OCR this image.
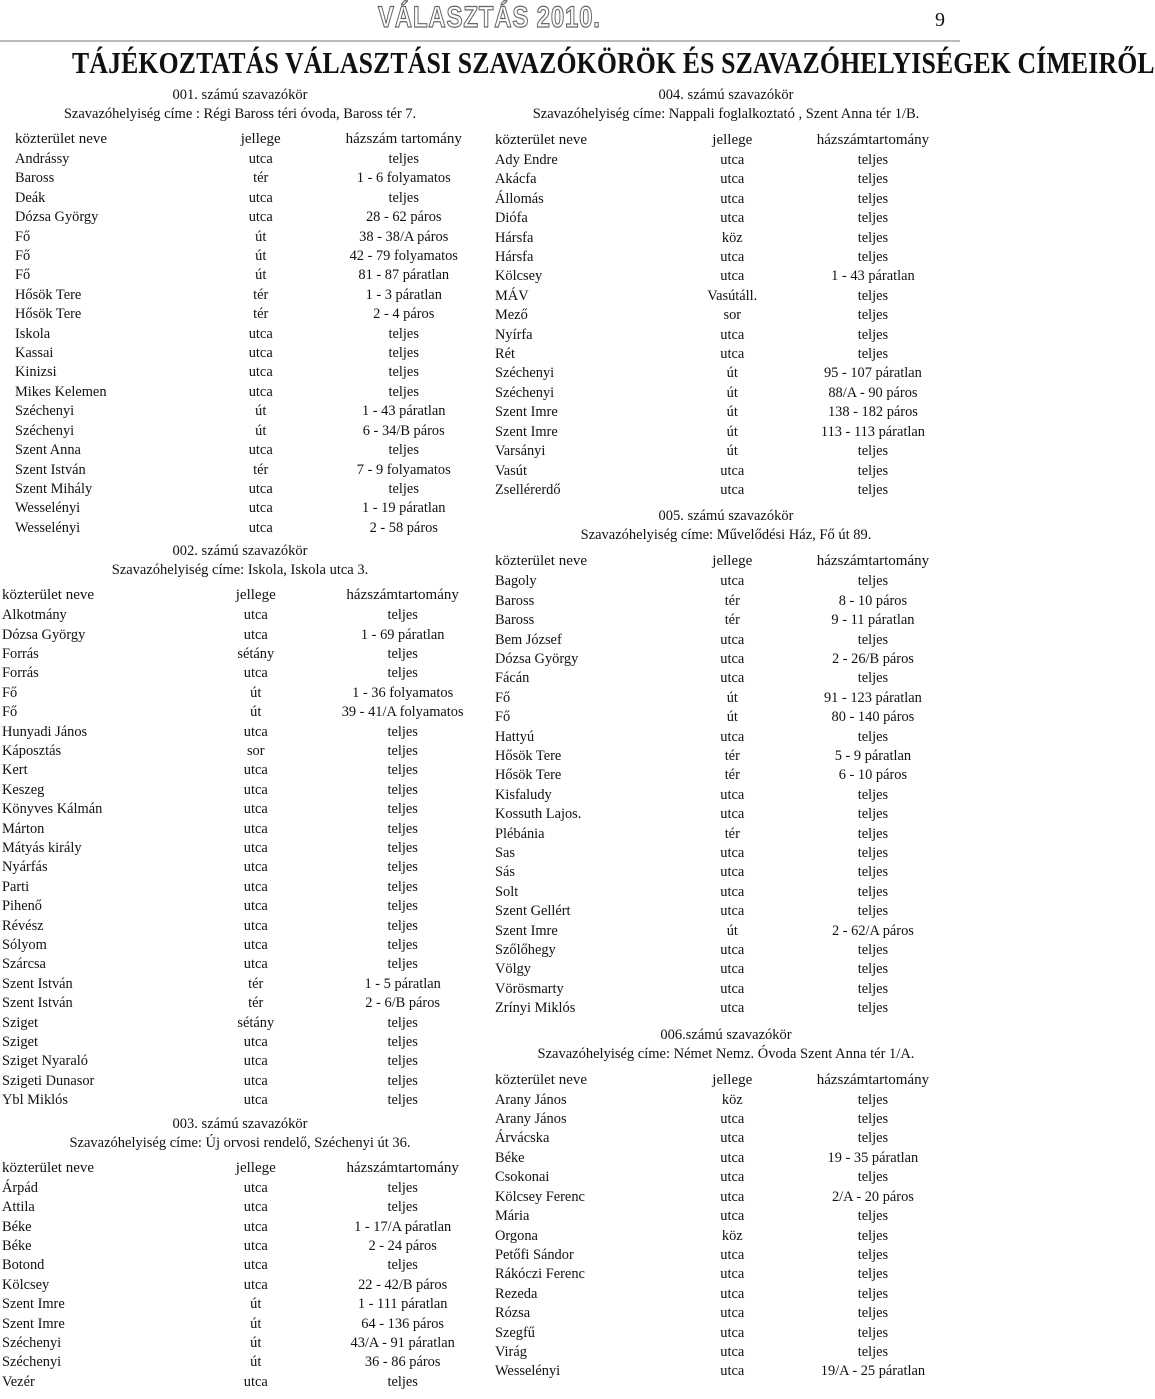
VÁLASZTÁS 2010.	9
TÁJÉKOZTATÁS VÁLASZTÁSI SZAVAZÓKÖRÖK ÉS SZAVAZÓHELYISÉGEK CÍMEIRŐL
001. számú szavazókör
Szavazóhelyiség címe : Régi Baross téri óvoda, Baross tér 7.
közterület neve	jellege	házszám tartomány
Andrássy	utca	teljes
Baross	tér	1 - 6 folyamatos
Deák	utca	teljes
Dózsa György	utca	28 - 62 páros
Fő	út	38 - 38/A páros
Fő	út	42 - 79 folyamatos
Fő	út	81 - 87 páratlan
Hősök Tere	tér	1 - 3 páratlan
Hősök Tere	tér	2 - 4 páros
Iskola	utca	teljes
Kassai	utca	teljes
Kinizsi	utca	teljes
Mikes Kelemen	utca	teljes
Széchenyi	út	1 - 43 páratlan
Széchenyi	út	6 - 34/B páros
Szent Anna	utca	teljes
Szent István	tér	7 - 9 folyamatos
Szent Mihály	utca	teljes
Wesselényi	utca	1 - 19 páratlan
Wesselényi	utca	2 - 58 páros
002. számú szavazókör
Szavazóhelyiség címe: Iskola, Iskola utca 3.
közterület neve	jellege	házszámtartomány
Alkotmány	utca	teljes
Dózsa György	utca	1 - 69 páratlan
Forrás	sétány	teljes
Forrás	utca	teljes
Fő	út	1 - 36 folyamatos
Fő	út	39 - 41/A folyamatos
Hunyadi János	utca	teljes
Káposztás	sor	teljes
Kert	utca	teljes
Keszeg	utca	teljes
Könyves Kálmán	utca	teljes
Márton	utca	teljes
Mátyás király	utca	teljes
Nyárfás	utca	teljes
Parti	utca	teljes
Pihenő	utca	teljes
Révész	utca	teljes
Sólyom	utca	teljes
Szárcsa	utca	teljes
Szent István	tér	1 - 5 páratlan
Szent István	tér	2 - 6/B páros
Sziget	sétány	teljes
Sziget	utca	teljes
Sziget Nyaraló	utca	teljes
Szigeti Dunasor	utca	teljes
Ybl Miklós	utca	teljes
003. számú szavazókör
Szavazóhelyiség címe: Új orvosi rendelő, Széchenyi út 36.
közterület neve	jellege	házszámtartomány
Árpád	utca	teljes
Attila	utca	teljes
Béke	utca	1 - 17/A páratlan
Béke	utca	2 - 24 páros
Botond	utca	teljes
Kölcsey	utca	22 - 42/B páros
Szent Imre	út	1 - 111 páratlan
Szent Imre	út	64 - 136 páros
Széchenyi	út	43/A - 91 páratlan
Széchenyi	út	36 - 86 páros
Vezér	utca	teljes
004. számú szavazókör
Szavazóhelyiség címe: Nappali foglalkoztató , Szent Anna tér 1/B.
közterület neve	jellege	házszámtartomány
Ady Endre	utca	teljes
Akácfa	utca	teljes
Állomás	utca	teljes
Diófa	utca	teljes
Hársfa	köz	teljes
Hársfa	utca	teljes
Kölcsey	utca	1 - 43 páratlan
MÁV	Vasútáll.	teljes
Mező	sor	teljes
Nyírfa	utca	teljes
Rét	utca	teljes
Széchenyi	út	95 - 107 páratlan
Széchenyi	út	88/A - 90 páros
Szent Imre	út	138 - 182 páros
Szent Imre	út	113 - 113 páratlan
Varsányi	út	teljes
Vasút	utca	teljes
Zsellérerdő	utca	teljes
005. számú szavazókör
Szavazóhelyiség címe: Művelődési Ház, Fő út 89.
közterület neve	jellege	házszámtartomány
Bagoly	utca	teljes
Baross	tér	8 - 10 páros
Baross	tér	9 - 11 páratlan
Bem József	utca	teljes
Dózsa György	utca	2 - 26/B páros
Fácán	utca	teljes
Fő	út	91 - 123 páratlan
Fő	út	80 - 140 páros
Hattyú	utca	teljes
Hősök Tere	tér	5 - 9 páratlan
Hősök Tere	tér	6 - 10 páros
Kisfaludy	utca	teljes
Kossuth Lajos.	utca	teljes
Plébánia	tér	teljes
Sas	utca	teljes
Sás	utca	teljes
Solt	utca	teljes
Szent Gellért	utca	teljes
Szent Imre	út	2 - 62/A páros
Szőlőhegy	utca	teljes
Völgy	utca	teljes
Vörösmarty	utca	teljes
Zrínyi Miklós	utca	teljes
006.számú szavazókör
Szavazóhelyiség címe: Német Nemz. Óvoda Szent Anna tér 1/A.
közterület neve	jellege	házszámtartomány
Arany János	köz	teljes
Arany János	utca	teljes
Árvácska	utca	teljes
Béke	utca	19 - 35 páratlan
Csokonai	utca	teljes
Kölcsey Ferenc	utca	2/A - 20 páros
Mária	utca	teljes
Orgona	köz	teljes
Petőfi Sándor	utca	teljes
Rákóczi Ferenc	utca	teljes
Rezeda	utca	teljes
Rózsa	utca	teljes
Szegfű	utca	teljes
Virág	utca	teljes
Wesselényi	utca	19/A - 25 páratlan
